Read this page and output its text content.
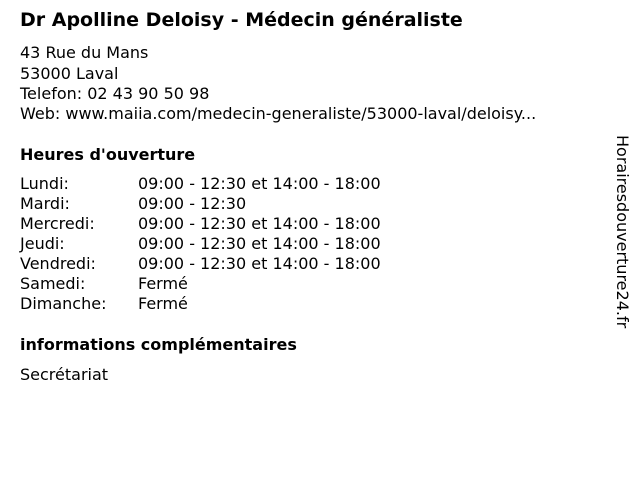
Dr Apolline Deloisy - Médecin généraliste
43 Rue du Mans
53000 Laval
Telefon: 02 43 90 50 98
Web: www.maiia.com/medecin-generaliste/53000-laval/deloisy...
Heures d'ouverture
Lundi:	09:00 - 12:30 et 14:00 - 18:00
Mardi:	09:00 - 12:30
Mercredi:	09:00 - 12:30 et 14:00 - 18:00
Jeudi:	09:00 - 12:30 et 14:00 - 18:00
Vendredi:	09:00 - 12:30 et 14:00 - 18:00
Samedi:	Fermé
Dimanche: Fermé
informations complémentaires
Secrétariat
Horairesdouverture24.fr
